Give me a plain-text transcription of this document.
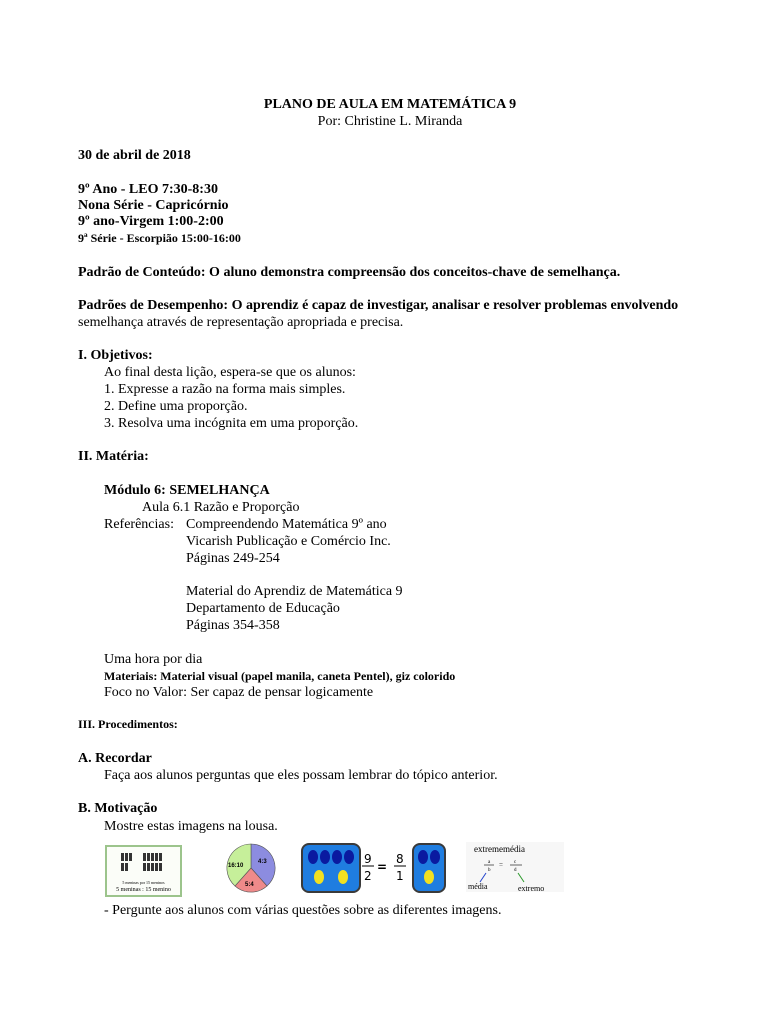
PLANO DE AULA EM MATEMÁTICA 9
Por: Christine L. Miranda
30 de abril de 2018
9º Ano - LEO 7:30-8:30
Nona Série - Capricórnio
9º ano-Virgem 1:00-2:00
9ª Série - Escorpião 15:00-16:00
Padrão de Conteúdo: O aluno demonstra compreensão dos conceitos-chave de semelhança.
Padrões de Desempenho: O aprendiz é capaz de investigar, analisar e resolver problemas envolvendo
semelhança através de representação apropriada e precisa.
I. Objetivos:
Ao final desta lição, espera-se que os alunos:
1. Expresse a razão na forma mais simples.
2. Define uma proporção.
3. Resolva uma incógnita em uma proporção.
II. Matéria:
Módulo 6: SEMELHANÇA
Aula 6.1 Razão e Proporção
Referências: Compreendendo Matemática 9º ano
Vicarish Publicação e Comércio Inc.
Páginas 249-254
Material do Aprendiz de Matemática 9
Departamento de Educação
Páginas 354-358
Uma hora por dia
Materiais: Material visual (papel manila, caneta Pentel), giz colorido
Foco no Valor: Ser capaz de pensar logicamente
III. Procedimentos:
A. Recordar
Faça aos alunos perguntas que eles possam lembrar do tópico anterior.
B. Motivação
Mostre estas imagens na lousa.
5 meninas por 15 meninos
5 meninas : 15 menino
4:3
5:4
16:10	9
2
=
8
1
extrememédia
a
b
= c
d
média	extremo
- Pergunte aos alunos com várias questões sobre as diferentes imagens.
